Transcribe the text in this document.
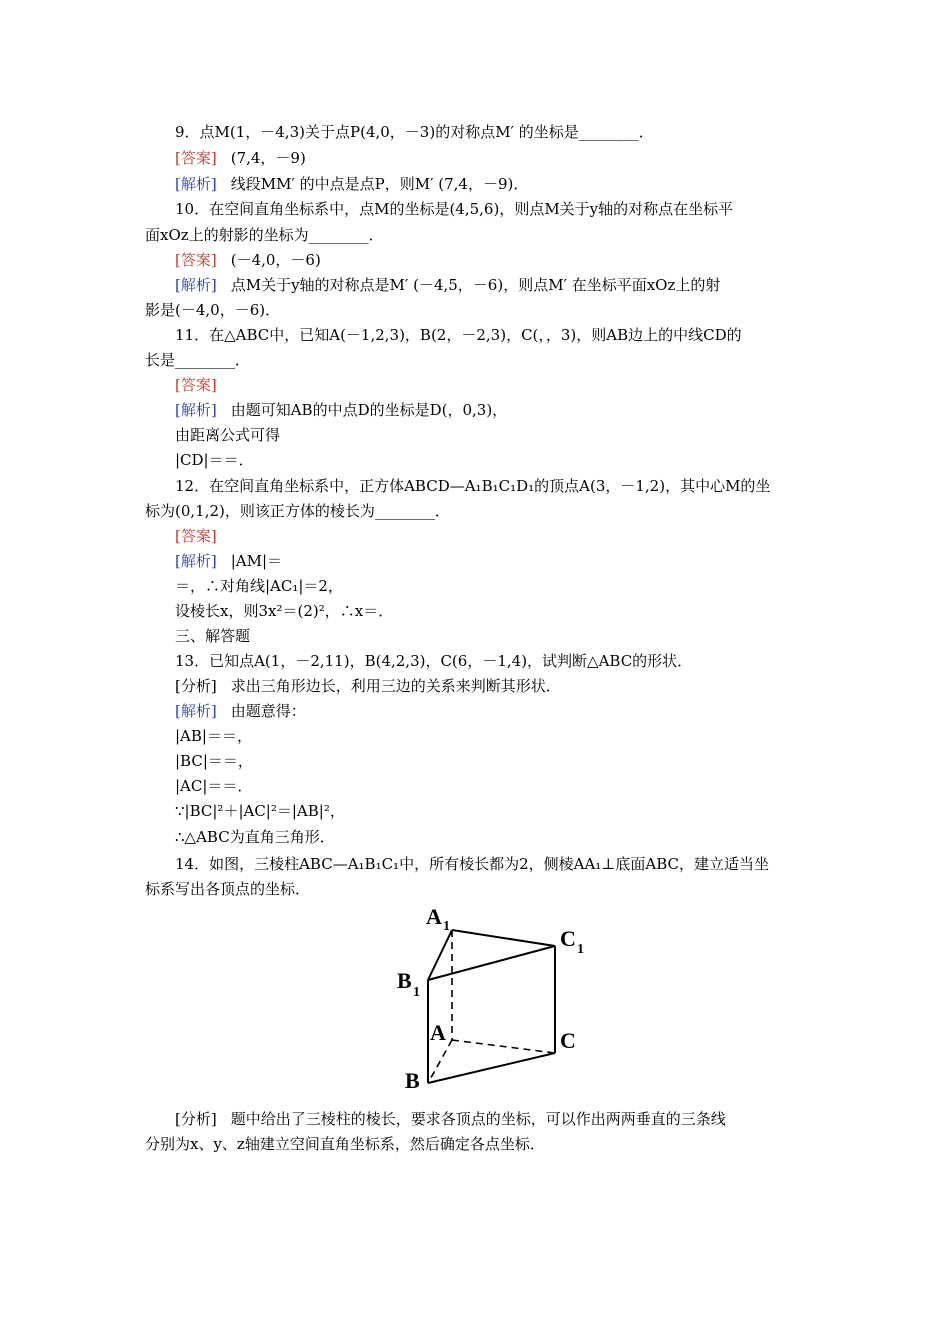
9．点M(1，－4,3)关于点P(4,0，－3)的对称点M′ 的坐标是________．
[答案] (7,4，－9)
[解析] 线段MM′ 的中点是点P，则M′ (7,4，－9)．
10．在空间直角坐标系中，点M的坐标是(4,5,6)，则点M关于y轴的对称点在坐标平
面xOz上的射影的坐标为________．
[答案] (－4,0，－6)
[解析] 点M关于y轴的对称点是M′ (－4,5，－6)，则点M′ 在坐标平面xOz上的射
影是(－4,0，－6)．
11．在△ABC中，已知A(－1,2,3)，B(2，－2,3)，C(，，3)，则AB边上的中线CD的
长是________．
[答案]
[解析] 由题可知AB的中点D的坐标是D(，0,3)，
由距离公式可得
|CD|＝＝．
12．在空间直角坐标系中，正方体ABCD—A₁B₁C₁D₁的顶点A(3，－1,2)，其中心M的坐
标为(0,1,2)，则该正方体的棱长为________．
[答案]
[解析] |AM|＝
＝，∴对角线|AC₁|＝2，
设棱长x，则3x²＝(2)²，∴x＝．
三、解答题
13．已知点A(1，－2,11)，B(4,2,3)，C(6，－1,4)，试判断△ABC的形状．
[分析] 求出三角形边长，利用三边的关系来判断其形状．
[解析] 由题意得：
|AB|＝＝，
|BC|＝＝，
|AC|＝＝．
∵|BC|²＋|AC|²＝|AB|²，
∴△ABC为直角三角形．
14．如图，三棱柱ABC—A₁B₁C₁中，所有棱长都为2，侧棱AA₁⊥底面ABC，建立适当坐
标系写出各顶点的坐标．
A 1	C 1
B 1
A	C
B
[分析] 题中给出了三棱柱的棱长，要求各顶点的坐标，可以作出两两垂直的三条线
分别为x、y、z轴建立空间直角坐标系，然后确定各点坐标．
